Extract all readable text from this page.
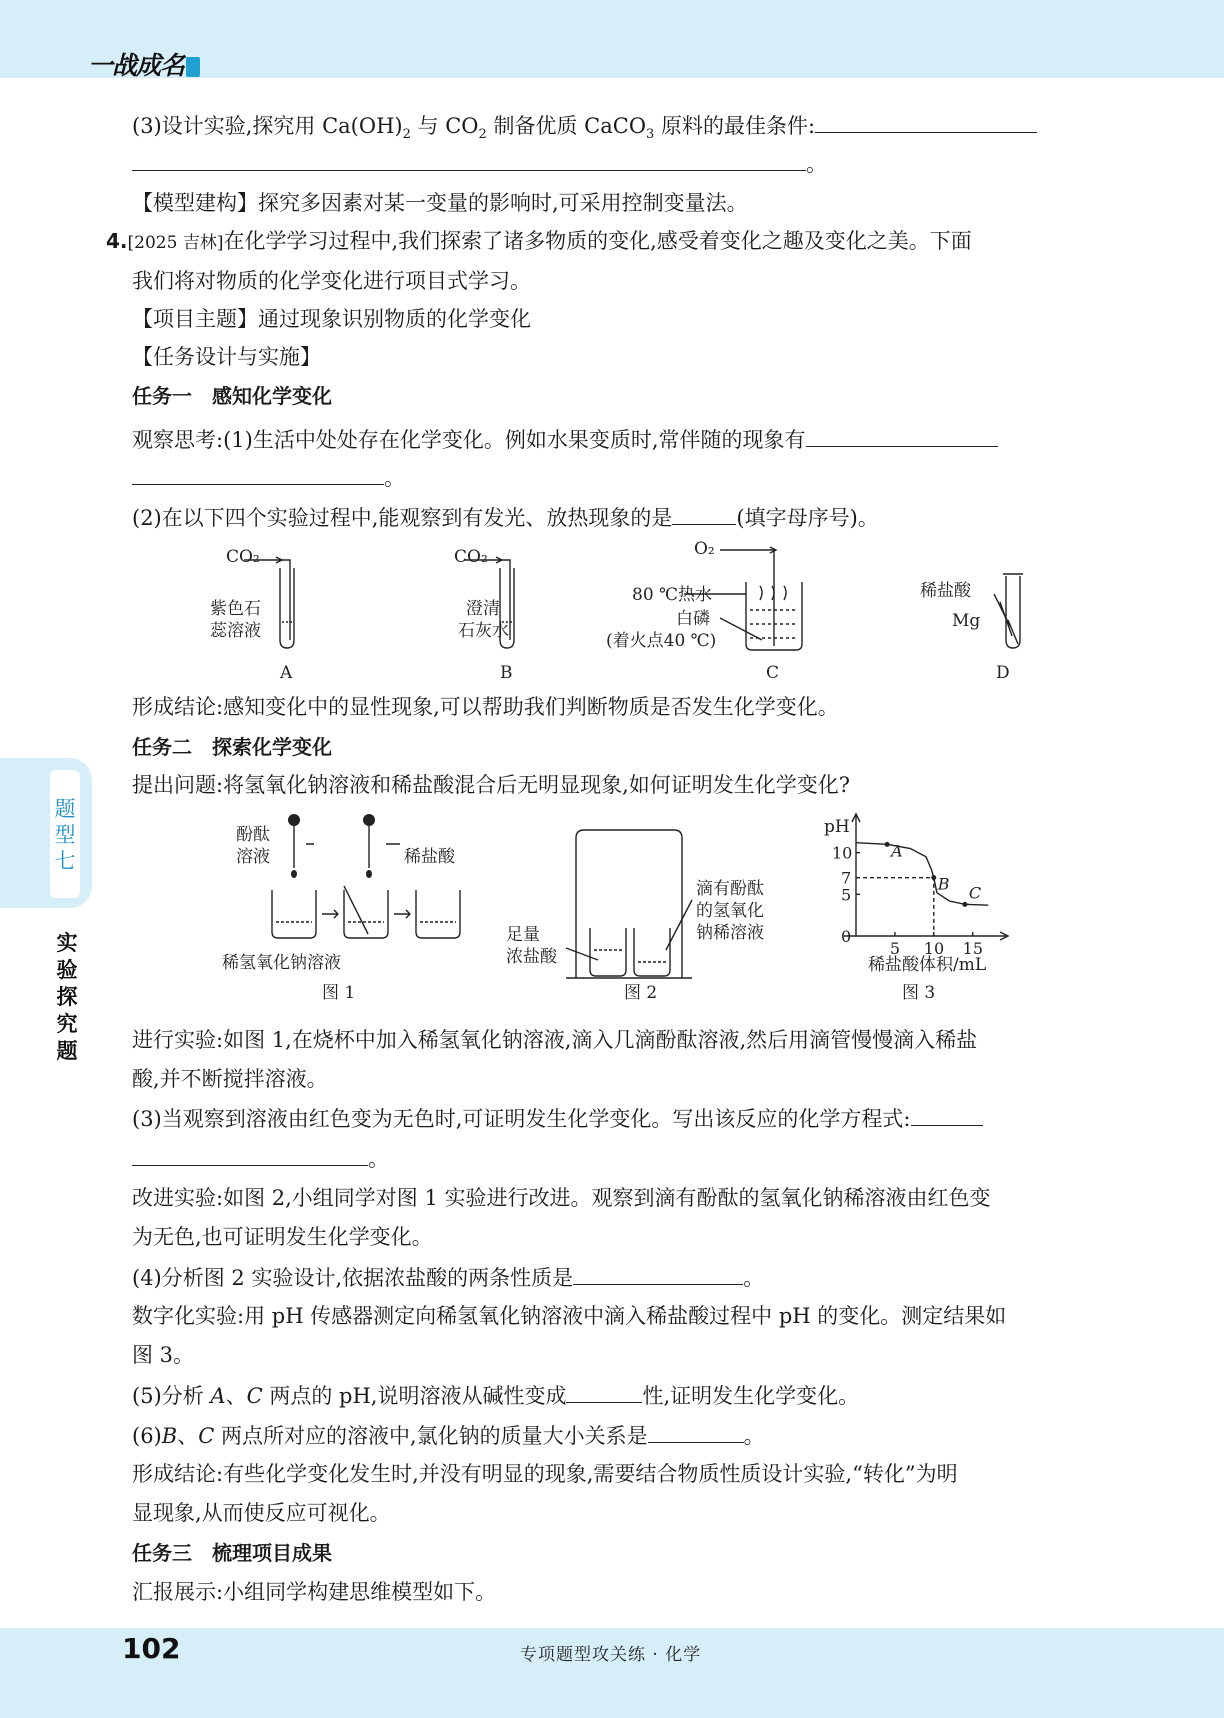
一战成名
题
型
七
实
验
探
究
题
102	专项题型攻关练 · 化学
(3)设计实验,探究用 $Ca(OH)_2$ 与 $CO_2$ 制备优质 CaCO$_3$ 原料的最佳条件:
。
【模型建构】探究多因素对某一变量的影响时,可采用控制变量法。
4.[2025 吉林]在化学学习过程中,我们探索了诸多物质的变化,感受着变化之趣及变化之美。下面
我们将对物质的化学变化进行项目式学习。
【项目主题】通过现象识别物质的化学变化
【任务设计与实施】
任务一　感知化学变化
观察思考:(1)生活中处处存在化学变化。例如水果变质时,常伴随的现象有
。
(2)在以下四个实验过程中,能观察到有发光、放热现象的是	(填字母序号)。
CO₂
紫色石
蕊溶液
A
CO₂
澄清
石灰水
B
O₂
80 ℃热水
白磷
(着火点40 ℃)
C
稀盐酸
Mg
D
形成结论:感知变化中的显性现象,可以帮助我们判断物质是否发生化学变化。
任务二　探索化学变化
提出问题:将氢氧化钠溶液和稀盐酸混合后无明显现象,如何证明发生化学变化?
酚酞
溶液	稀盐酸
稀氢氧化钠溶液
图 1
足量
浓盐酸
滴有酚酞
的氢氧化
钠稀溶液
图 2
pH
稀盐酸体积/mL
图 3
A
B C
0
5
7
10
5 10 15
进行实验:如图 1,在烧杯中加入稀氢氧化钠溶液,滴入几滴酚酞溶液,然后用滴管慢慢滴入稀盐
酸,并不断搅拌溶液。
(3)当观察到溶液由红色变为无色时,可证明发生化学变化。写出该反应的化学方程式:
。
改进实验:如图 2,小组同学对图 1 实验进行改进。观察到滴有酚酞的氢氧化钠稀溶液由红色变
为无色,也可证明发生化学变化。
(4)分析图 2 实验设计,依据浓盐酸的两条性质是	。
数字化实验:用 pH 传感器测定向稀氢氧化钠溶液中滴入稀盐酸过程中 pH 的变化。测定结果如
图 3。
(5)分析 A、C 两点的 pH,说明溶液从碱性变成	性,证明发生化学变化。
(6)B、C 两点所对应的溶液中,氯化钠的质量大小关系是	。
形成结论:有些化学变化发生时,并没有明显的现象,需要结合物质性质设计实验,“转化”为明
显现象,从而使反应可视化。
任务三　梳理项目成果
汇报展示:小组同学构建思维模型如下。
